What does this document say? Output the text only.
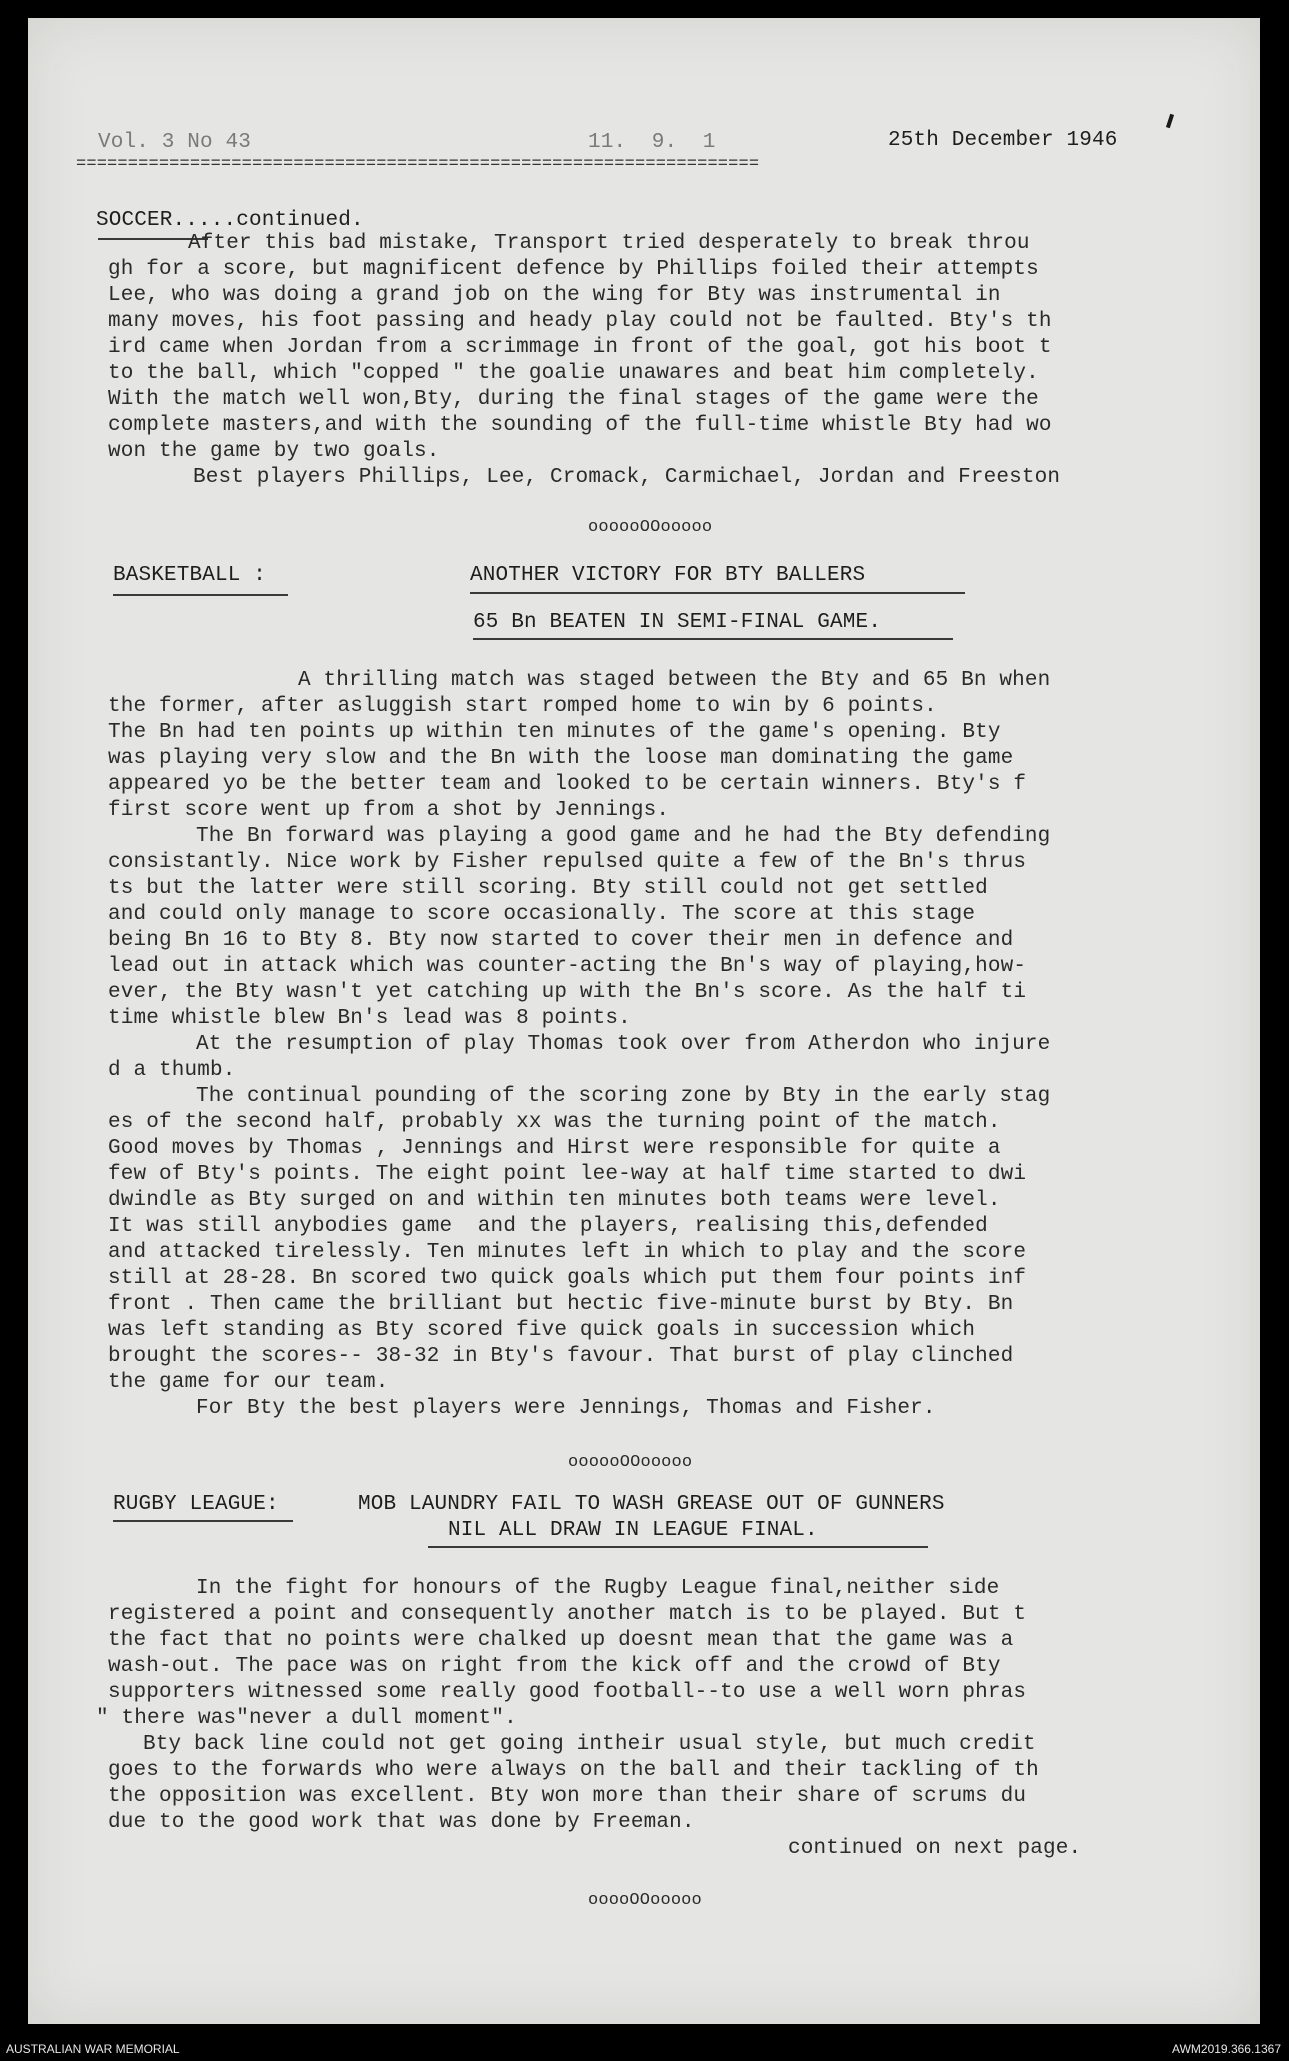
Vol. 3 No 43	11.  9.  1	25th December 1946
==================================================================
SOCCER.....continued.
After this bad mistake, Transport tried desperately to break throu
gh for a score, but magnificent defence by Phillips foiled their attempts
Lee, who was doing a grand job on the wing for Bty was instrumental in
many moves, his foot passing and heady play could not be faulted. Bty's th
ird came when Jordan from a scrimmage in front of the goal, got his boot t
to the ball, which "copped " the goalie unawares and beat him completely.
With the match well won,Bty, during the final stages of the game were the
complete masters,and with the sounding of the full-time whistle Bty had wo
won the game by two goals.
Best players Phillips, Lee, Cromack, Carmichael, Jordan and Freeston
oooooOOooooo
BASKETBALL :	ANOTHER VICTORY FOR BTY BALLERS
65 Bn BEATEN IN SEMI-FINAL GAME.
A thrilling match was staged between the Bty and 65 Bn when
the former, after asluggish start romped home to win by 6 points.
The Bn had ten points up within ten minutes of the game's opening. Bty
was playing very slow and the Bn with the loose man dominating the game
appeared yo be the better team and looked to be certain winners. Bty's f
first score went up from a shot by Jennings.
The Bn forward was playing a good game and he had the Bty defending
consistantly. Nice work by Fisher repulsed quite a few of the Bn's thrus
ts but the latter were still scoring. Bty still could not get settled
and could only manage to score occasionally. The score at this stage
being Bn 16 to Bty 8. Bty now started to cover their men in defence and
lead out in attack which was counter-acting the Bn's way of playing,how-
ever, the Bty wasn't yet catching up with the Bn's score. As the half ti
time whistle blew Bn's lead was 8 points.
At the resumption of play Thomas took over from Atherdon who injure
d a thumb.
The continual pounding of the scoring zone by Bty in the early stag
es of the second half, probably xx was the turning point of the match.
Good moves by Thomas , Jennings and Hirst were responsible for quite a
few of Bty's points. The eight point lee-way at half time started to dwi
dwindle as Bty surged on and within ten minutes both teams were level.
It was still anybodies game  and the players, realising this,defended
and attacked tirelessly. Ten minutes left in which to play and the score
still at 28-28. Bn scored two quick goals which put them four points inf
front . Then came the brilliant but hectic five-minute burst by Bty. Bn
was left standing as Bty scored five quick goals in succession which
brought the scores-- 38-32 in Bty's favour. That burst of play clinched
the game for our team.
For Bty the best players were Jennings, Thomas and Fisher.
oooooOOooooo
RUGBY LEAGUE:	MOB LAUNDRY FAIL TO WASH GREASE OUT OF GUNNERS
NIL ALL DRAW IN LEAGUE FINAL.
In the fight for honours of the Rugby League final,neither side
registered a point and consequently another match is to be played. But t
the fact that no points were chalked up doesnt mean that the game was a
wash-out. The pace was on right from the kick off and the crowd of Bty
supporters witnessed some really good football--to use a well worn phras
" there was"never a dull moment".
Bty back line could not get going intheir usual style, but much credit
goes to the forwards who were always on the ball and their tackling of th
the opposition was excellent. Bty won more than their share of scrums du
due to the good work that was done by Freeman.
continued on next page.
ooooOOooooo
AUSTRALIAN WAR MEMORIAL	AWM2019.366.1367
